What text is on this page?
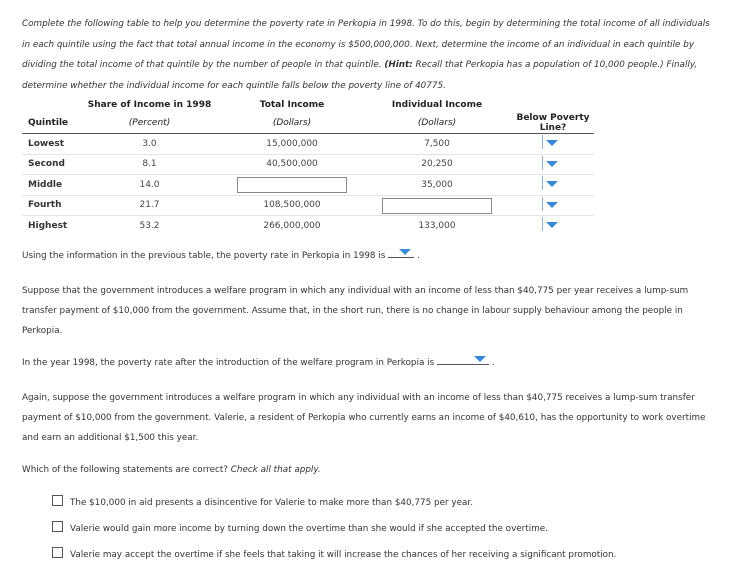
Complete the following table to help you determine the poverty rate in Perkopia in 1998. To do this, begin by determining the total income of all individuals in each quintile using the fact that total annual income in the economy is $500,000,000. Next, determine the income of an individual in each quintile by dividing the total income of that quintile by the number of people in that quintile. (Hint: Recall that Perkopia has a population of 10,000 people.) Finally, determine whether the individual income for each quintile falls below the poverty line of 40775.

	Share of Income in 1998	Total Income	Individual Income	
Quintile	(Percent)	(Dollars)	(Dollars)	Below Poverty Line?
Lowest	3.0	15,000,000	7,500	

Second	8.1	40,500,000	20,250	

Middle	14.0		35,000	

Fourth	21.7	108,500,000		

Highest	53.2	266,000,000	133,000	

Using the information in the previous table, the poverty rate in Perkopia in 1998 is	.

Suppose that the government introduces a welfare program in which any individual with an income of less than $40,775 per year receives a lump-sum transfer payment of $10,000 from the government. Assume that, in the short run, there is no change in labour supply behaviour among the people in Perkopia.

In the year 1998, the poverty rate after the introduction of the welfare program in Perkopia is	.

Again, suppose the government introduces a welfare program in which any individual with an income of less than $40,775 receives a lump-sum transfer payment of $10,000 from the government. Valerie, a resident of Perkopia who currently earns an income of $40,610, has the opportunity to work overtime and earn an additional $1,500 this year.

Which of the following statements are correct? Check all that apply.

The $10,000 in aid presents a disincentive for Valerie to make more than $40,775 per year.
Valerie would gain more income by turning down the overtime than she would if she accepted the overtime.
Valerie may accept the overtime if she feels that taking it will increase the chances of her receiving a significant promotion.
